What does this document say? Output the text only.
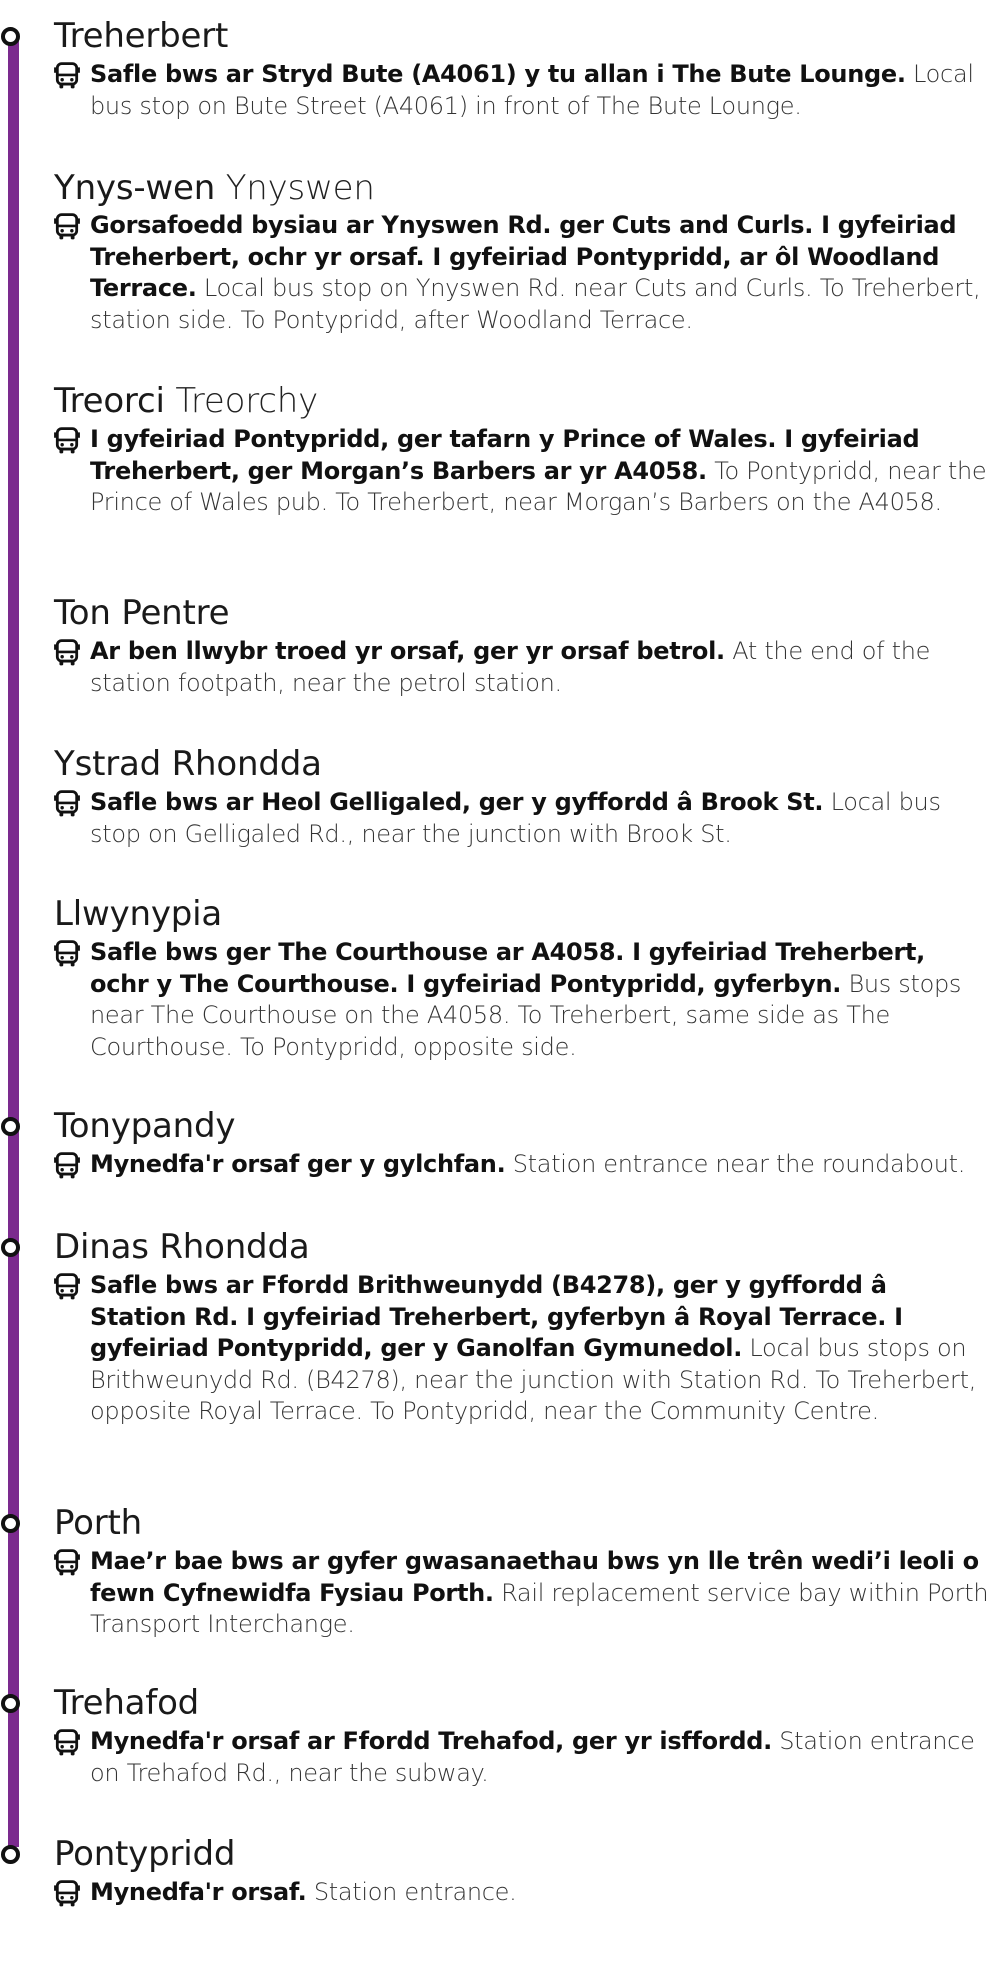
Treherbert
Safle bws ar Stryd Bute (A4061) y tu allan i The Bute Lounge. Local bus stop on Bute Street (A4061) in front of The Bute Lounge.
Ynys-wen Ynyswen
Gorsafoedd bysiau ar Ynyswen Rd. ger Cuts and Curls. I gyfeiriad Treherbert, ochr yr orsaf. I gyfeiriad Pontypridd, ar ôl Woodland Terrace. Local bus stop on Ynyswen Rd. near Cuts and Curls. To Treherbert, station side. To Pontypridd, after Woodland Terrace.
Treorci Treorchy
I gyfeiriad Pontypridd, ger tafarn y Prince of Wales. I gyfeiriad Treherbert, ger Morgan’s Barbers ar yr A4058. To Pontypridd, near the Prince of Wales pub. To Treherbert, near Morgan’s Barbers on the A4058.
Ton Pentre
Ar ben llwybr troed yr orsaf, ger yr orsaf betrol. At the end of the station footpath, near the petrol station.
Ystrad Rhondda
Safle bws ar Heol Gelligaled, ger y gyffordd â Brook St. Local bus stop on Gelligaled Rd., near the junction with Brook St.
Llwynypia
Safle bws ger The Courthouse ar A4058. I gyfeiriad Treherbert, ochr y The Courthouse. I gyfeiriad Pontypridd, gyferbyn. Bus stops near The Courthouse on the A4058. To Treherbert, same side as The Courthouse. To Pontypridd, opposite side.
Tonypandy
Mynedfa'r orsaf ger y gylchfan. Station entrance near the roundabout.
Dinas Rhondda
Safle bws ar Ffordd Brithweunydd (B4278), ger y gyffordd â Station Rd. I gyfeiriad Treherbert, gyferbyn â Royal Terrace. I gyfeiriad Pontypridd, ger y Ganolfan Gymunedol. Local bus stops on Brithweunydd Rd. (B4278), near the junction with Station Rd. To Treherbert, opposite Royal Terrace. To Pontypridd, near the Community Centre.
Porth
Mae’r bae bws ar gyfer gwasanaethau bws yn lle trên wedi’i leoli o fewn Cyfnewidfa Fysiau Porth. Rail replacement service bay within Porth Transport Interchange.
Trehafod
Mynedfa'r orsaf ar Ffordd Trehafod, ger yr isffordd. Station entrance on Trehafod Rd., near the subway.
Pontypridd
Mynedfa'r orsaf. Station entrance.
